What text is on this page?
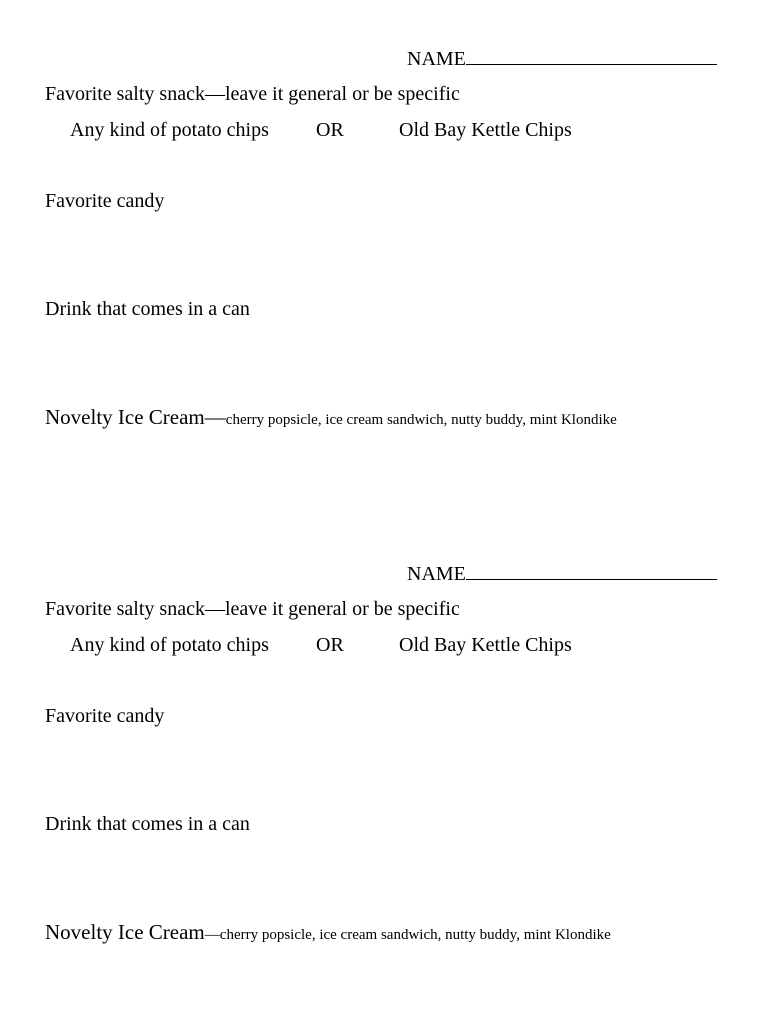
NAME
Favorite salty snack—leave it general or be specific
Any kind of potato chips OR	Old Bay Kettle Chips
Favorite candy
Drink that comes in a can
Novelty Ice Cream—cherry popsicle, ice cream sandwich, nutty buddy, mint Klondike
NAME
Favorite salty snack—leave it general or be specific
Any kind of potato chips OR	Old Bay Kettle Chips
Favorite candy
Drink that comes in a can
Novelty Ice Cream—cherry popsicle, ice cream sandwich, nutty buddy, mint Klondike
